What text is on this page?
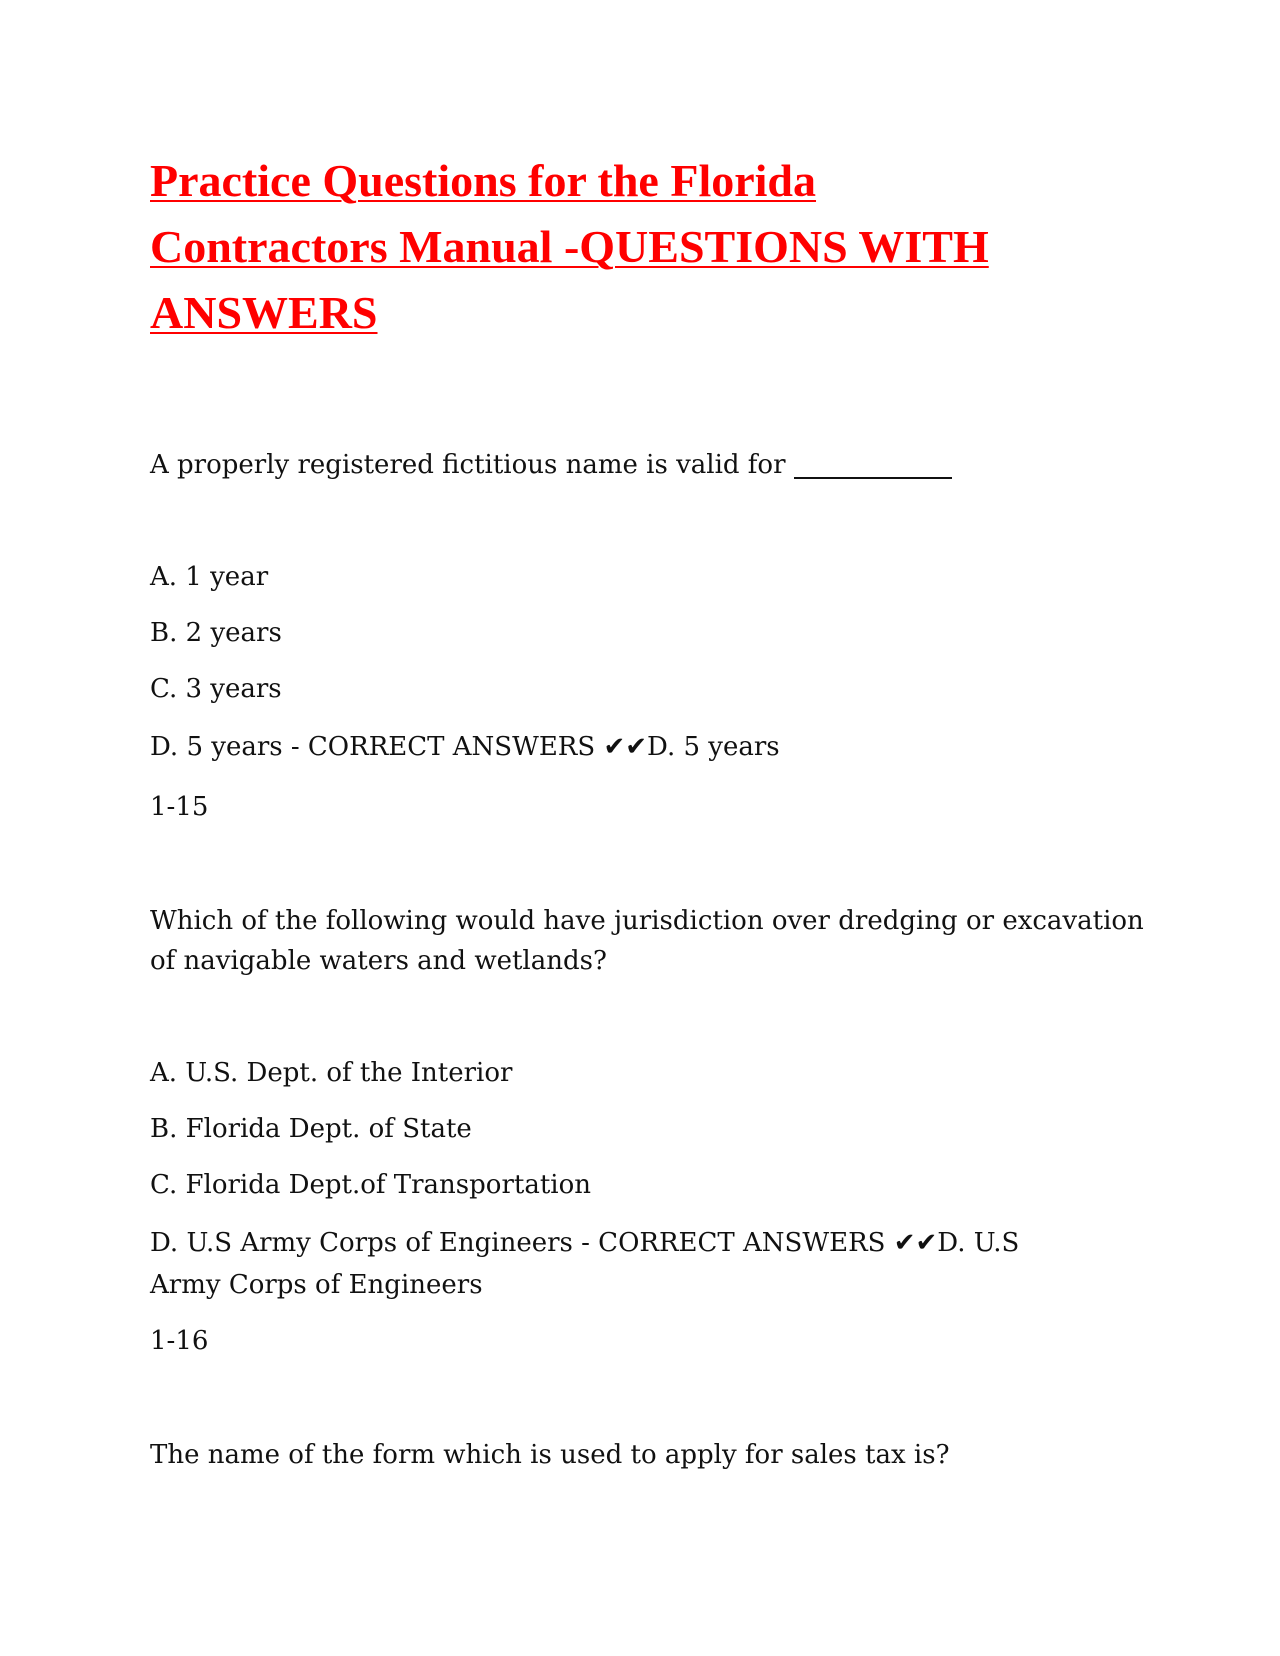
Practice Questions for the Florida
Contractors Manual -QUESTIONS WITH
ANSWERS

A properly registered fictitious name is valid for

A. 1 year

B. 2 years

C. 3 years

D. 5 years - CORRECT ANSWERS ✔✔D. 5 years

1-15

Which of the following would have jurisdiction over dredging or excavation

of navigable waters and wetlands?

A. U.S. Dept. of the Interior

B. Florida Dept. of State

C. Florida Dept.of Transportation

D. U.S Army Corps of Engineers - CORRECT ANSWERS ✔✔D. U.S

Army Corps of Engineers

1-16

The name of the form which is used to apply for sales tax is?
